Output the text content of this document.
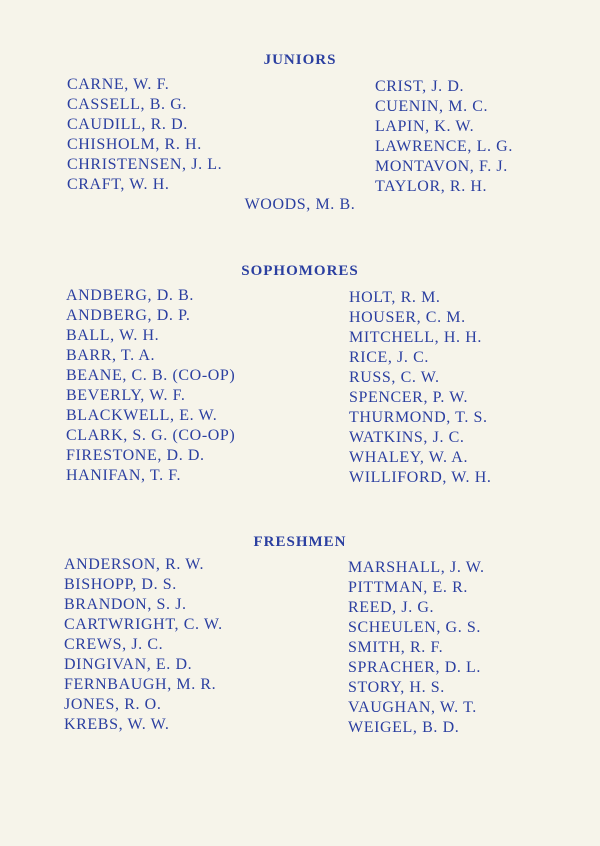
JUNIORS
CARNE, W. F.
CASSELL, B. G.
CAUDILL, R. D.
CHISHOLM, R. H.
CHRISTENSEN, J. L.
CRAFT, W. H.
CRIST, J. D.
CUENIN, M. C.
LAPIN, K. W.
LAWRENCE, L. G.
MONTAVON, F. J.
TAYLOR, R. H.
WOODS, M. B.
SOPHOMORES
ANDBERG, D. B.
ANDBERG, D. P.
BALL, W. H.
BARR, T. A.
BEANE, C. B. (CO-OP)
BEVERLY, W. F.
BLACKWELL, E. W.
CLARK, S. G. (CO-OP)
FIRESTONE, D. D.
HANIFAN, T. F.
HOLT, R. M.
HOUSER, C. M.
MITCHELL, H. H.
RICE, J. C.
RUSS, C. W.
SPENCER, P. W.
THURMOND, T. S.
WATKINS, J. C.
WHALEY, W. A.
WILLIFORD, W. H.
FRESHMEN
ANDERSON, R. W.
BISHOPP, D. S.
BRANDON, S. J.
CARTWRIGHT, C. W.
CREWS, J. C.
DINGIVAN, E. D.
FERNBAUGH, M. R.
JONES, R. O.
KREBS, W. W.
MARSHALL, J. W.
PITTMAN, E. R.
REED, J. G.
SCHEULEN, G. S.
SMITH, R. F.
SPRACHER, D. L.
STORY, H. S.
VAUGHAN, W. T.
WEIGEL, B. D.
